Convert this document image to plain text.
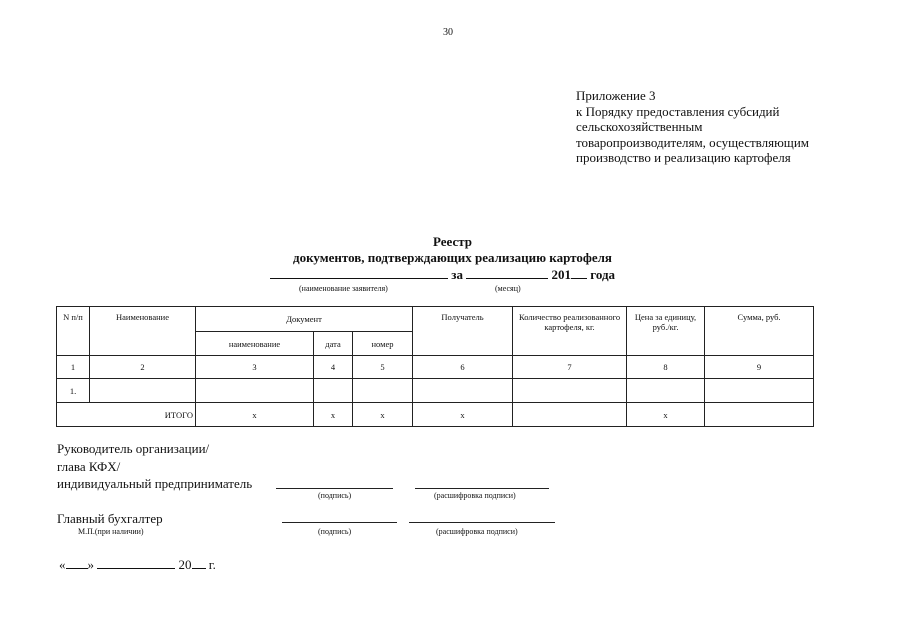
30
Приложение 3
к Порядку предоставления субсидий
сельскохозяйственным
товаропроизводителям, осуществляющим
производство и реализацию картофеля
Реестр
документов, подтверждающих реализацию картофеля
за	201 года
(наименование заявителя)	(месяц)
N п/п	Наименование	Документ			Получатель	Количество реализованного картофеля, кг.	Цена за единицу, руб./кг.	Сумма, руб.
		наименование	дата	номер				
1	2	3	4	5	6	7	8	9
1.								
	ИТОГО	x	x	x	x		x	
Руководитель организации/
глава КФХ/
индивидуальный предприниматель
(подпись)	(расшифровка подписи)
Главный бухгалтер
М.П.(при наличии)	(подпись)	(расшифровка подписи)
« »	20 г.
